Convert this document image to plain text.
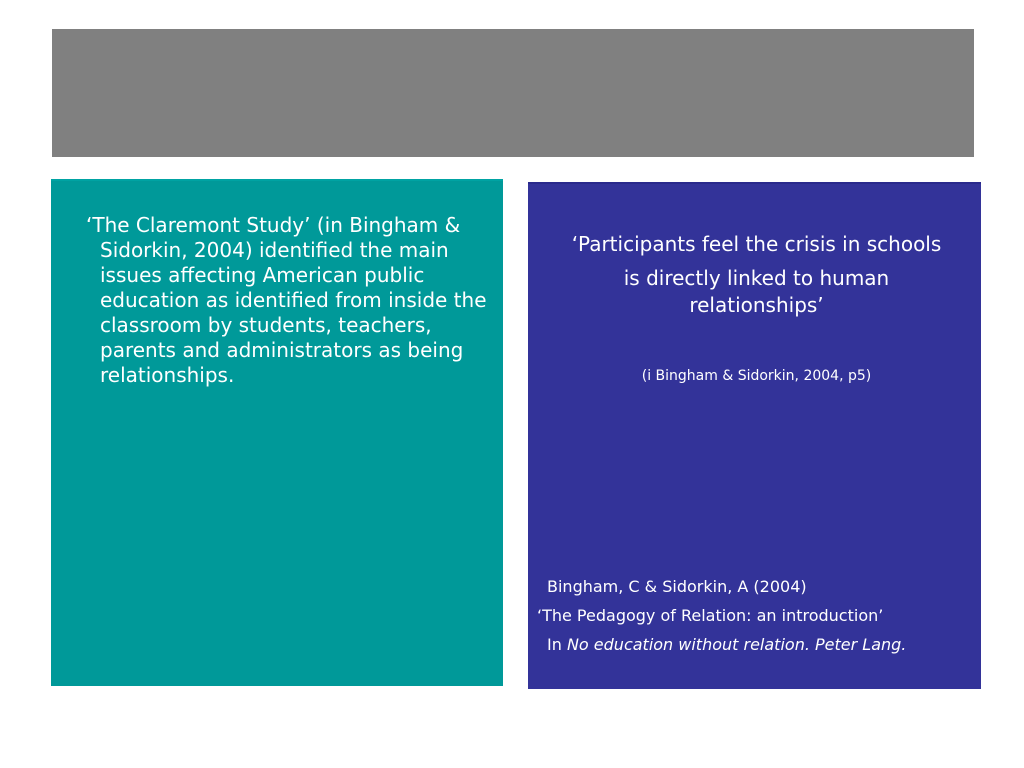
‘The Claremont Study’ (in Bingham & Sidorkin, 2004) identified the main issues affecting American public education as identified from inside the classroom by students, teachers, parents and administrators as being relationships.

‘Participants feel the crisis in schools
is directly linked to human
relationships’
(i Bingham & Sidorkin, 2004, p5)
Bingham, C & Sidorkin, A (2004)
‘The Pedagogy of Relation: an introduction’
In No education without relation. Peter Lang.
